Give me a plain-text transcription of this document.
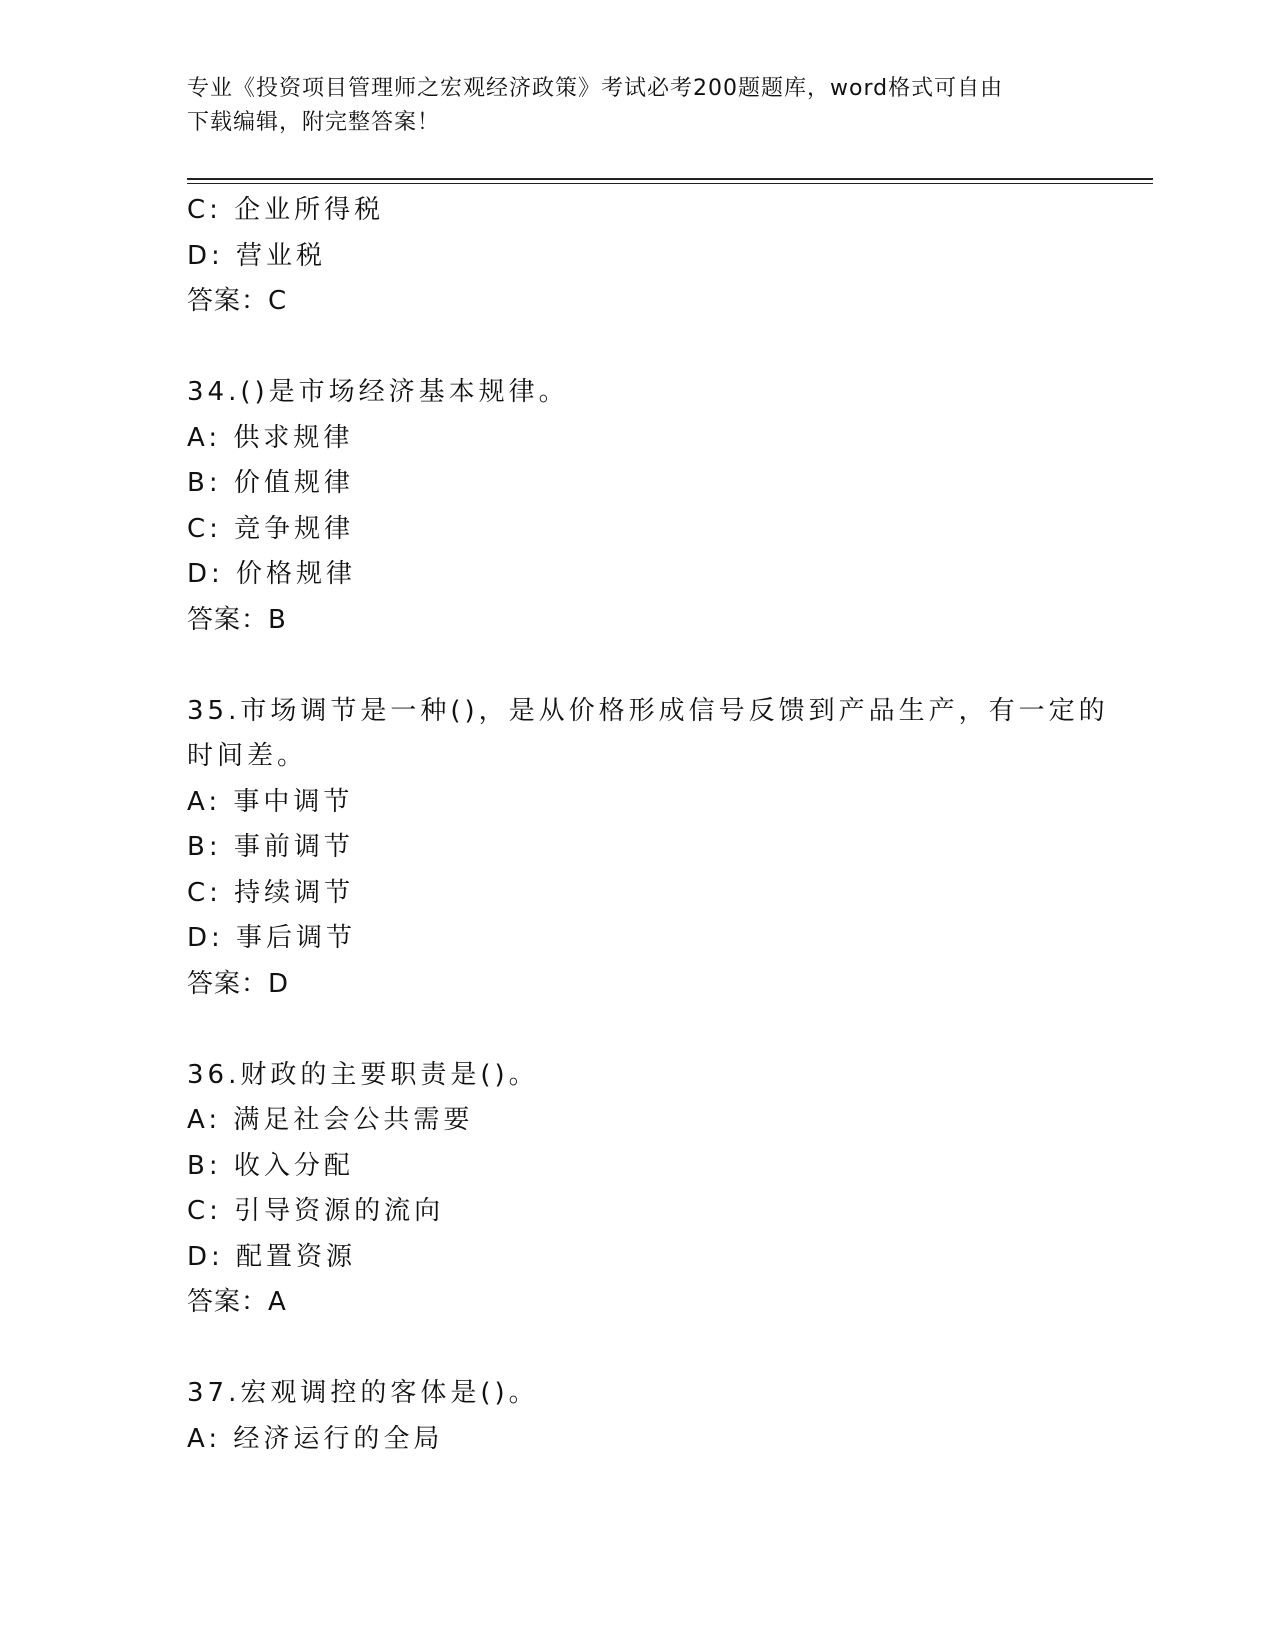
专业《投资项目管理师之宏观经济政策》考试必考200题题库，word格式可自由
下载编辑，附完整答案！
C: 企业所得税
D: 营业税
答案：C
34.()是市场经济基本规律。
A: 供求规律
B: 价值规律
C: 竞争规律
D: 价格规律
答案：B
35.市场调节是一种()，是从价格形成信号反馈到产品生产，有一定的
时间差。
A: 事中调节
B: 事前调节
C: 持续调节
D: 事后调节
答案：D
36.财政的主要职责是()。
A: 满足社会公共需要
B: 收入分配
C: 引导资源的流向
D: 配置资源
答案：A
37.宏观调控的客体是()。
A: 经济运行的全局
